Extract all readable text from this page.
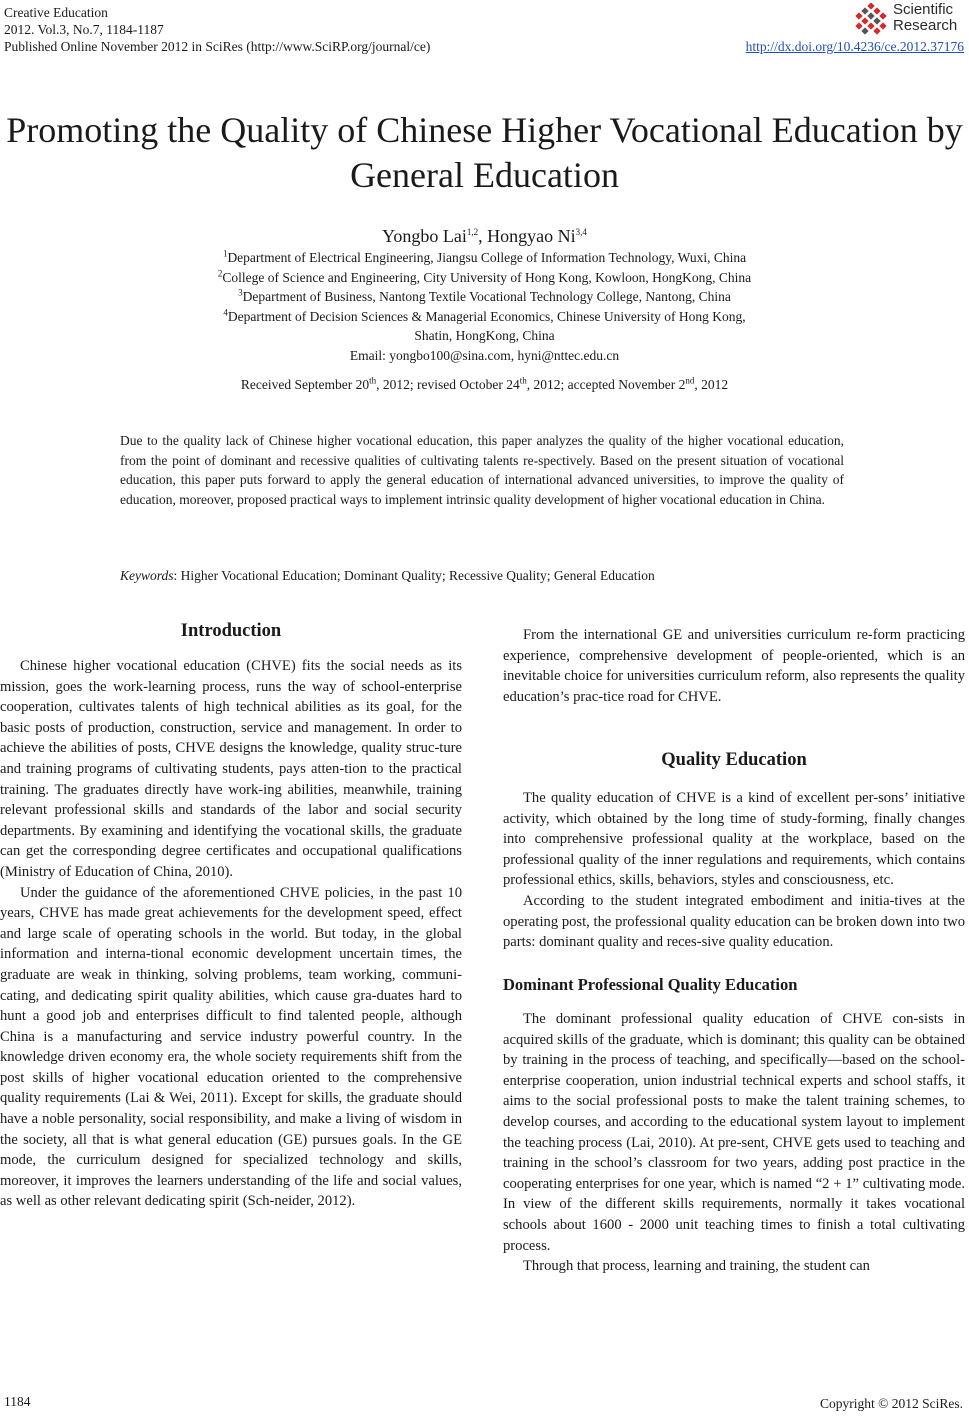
Creative Education
2012. Vol.3, No.7, 1184-1187
Published Online November 2012 in SciRes (http://www.SciRP.org/journal/ce)	http://dx.doi.org/10.4236/ce.2012.37176
Scientific
Research
Promoting the Quality of Chinese Higher Vocational Education by General Education
Yongbo Lai$^{1,2}$, Hongyao Ni$^{3,4}$

$^1$Department of Electrical Engineering, Jiangsu College of Information Technology, Wuxi, China

$^2$College of Science and Engineering, City University of Hong Kong, Kowloon, HongKong, China

$^3$Department of Business, Nantong Textile Vocational Technology College, Nantong, China

$^4$Department of Decision Sciences & Managerial Economics, Chinese University of Hong Kong,

Shatin, HongKong, China

Email: yongbo100@sina.com, hyni@nttec.edu.cn

Received September 20th, 2012; revised October 24th, 2012; accepted November 2nd, 2012
Due to the quality lack of Chinese higher vocational education, this paper analyzes the quality of the higher vocational education, from the point of dominant and recessive qualities of cultivating talents re-spectively. Based on the present situation of vocational education, this paper puts forward to apply the general education of international advanced universities, to improve the quality of education, moreover, proposed practical ways to implement intrinsic quality development of higher vocational education in China.
Keywords: Higher Vocational Education; Dominant Quality; Recessive Quality; General Education
Introduction

Chinese higher vocational education (CHVE) fits the social needs as its mission, goes the work-learning process, runs the way of school-enterprise cooperation, cultivates talents of high technical abilities as its goal, for the basic posts of production, construction, service and management. In order to achieve the abilities of posts, CHVE designs the knowledge, quality struc-ture and training programs of cultivating students, pays atten-tion to the practical training. The graduates directly have work-ing abilities, meanwhile, training relevant professional skills and standards of the labor and social security departments. By examining and identifying the vocational skills, the graduate can get the corresponding degree certificates and occupational qualifications (Ministry of Education of China, 2010).

Under the guidance of the aforementioned CHVE policies, in the past 10 years, CHVE has made great achievements for the development speed, effect and large scale of operating schools in the world. But today, in the global information and interna-tional economic development uncertain times, the graduate are weak in thinking, solving problems, team working, communi-cating, and dedicating spirit quality abilities, which cause gra-duates hard to hunt a good job and enterprises difficult to find talented people, although China is a manufacturing and service industry powerful country. In the knowledge driven economy era, the whole society requirements shift from the post skills of higher vocational education oriented to the comprehensive quality requirements (Lai & Wei, 2011). Except for skills, the graduate should have a noble personality, social responsibility, and make a living of wisdom in the society, all that is what general education (GE) pursues goals. In the GE mode, the curriculum designed for specialized technology and skills, moreover, it improves the learners understanding of the life and social values, as well as other relevant dedicating spirit (Sch-neider, 2012).

From the international GE and universities curriculum re-form practicing experience, comprehensive development of people-oriented, which is an inevitable choice for universities curriculum reform, also represents the quality education’s prac-tice road for CHVE.

Quality Education

The quality education of CHVE is a kind of excellent per-sons’ initiative activity, which obtained by the long time of study-forming, finally changes into comprehensive professional quality at the workplace, based on the professional quality of the inner regulations and requirements, which contains professional ethics, skills, behaviors, styles and consciousness, etc.

According to the student integrated embodiment and initia-tives at the operating post, the professional quality education can be broken down into two parts: dominant quality and reces-sive quality education.

Dominant Professional Quality Education

The dominant professional quality education of CHVE con-sists in acquired skills of the graduate, which is dominant; this quality can be obtained by training in the process of teaching, and specifically—based on the school-enterprise cooperation, union industrial technical experts and school staffs, it aims to the social professional posts to make the talent training schemes, to develop courses, and according to the educational system layout to implement the teaching process (Lai, 2010). At pre-sent, CHVE gets used to teaching and training in the school’s classroom for two years, adding post practice in the cooperating enterprises for one year, which is named “2 + 1” cultivating mode. In view of the different skills requirements, normally it takes vocational schools about 1600 - 2000 unit teaching times to finish a total cultivating process.

Through that process, learning and training, the student can

1184	Copyright © 2012 SciRes.
